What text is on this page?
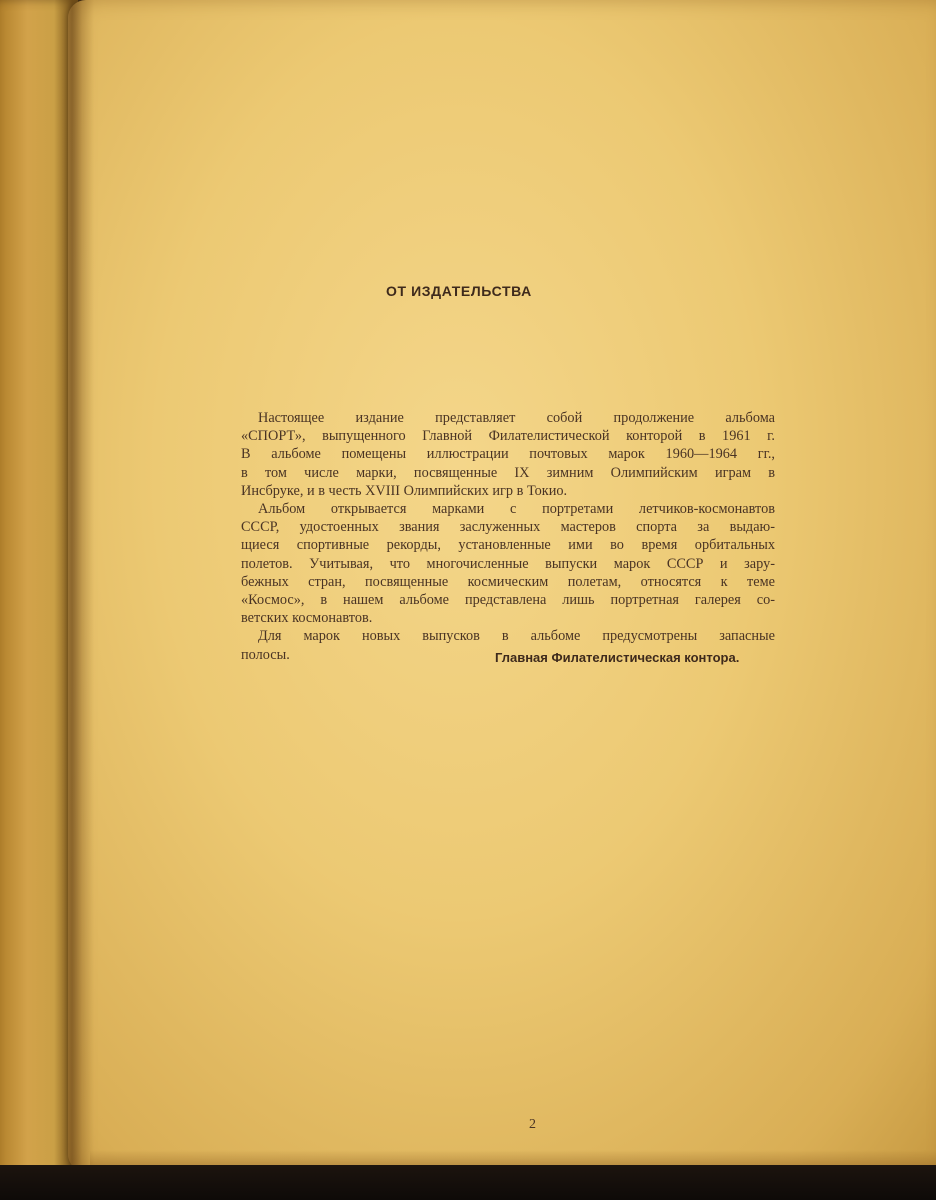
ОТ ИЗДАТЕЛЬСТВА
Настоящее издание представляет собой продолжение альбома
«СПОРТ», выпущенного Главной Филателистической конторой в 1961 г.
В альбоме помещены иллюстрации почтовых марок 1960—1964 гг.,
в том числе марки, посвященные IX зимним Олимпийским играм в
Инсбруке, и в честь XVIII Олимпийских игр в Токио.
Альбом открывается марками с портретами летчиков-космонавтов
СССР, удостоенных звания заслуженных мастеров спорта за выдаю-
щиеся спортивные рекорды, установленные ими во время орбитальных
полетов. Учитывая, что многочисленные выпуски марок СССР и зару-
бежных стран, посвященные космическим полетам, относятся к теме
«Космос», в нашем альбоме представлена лишь портретная галерея со-
ветских космонавтов.
Для марок новых выпусков в альбоме предусмотрены запасные
полосы.	Главная Филателистическая контора.
2
